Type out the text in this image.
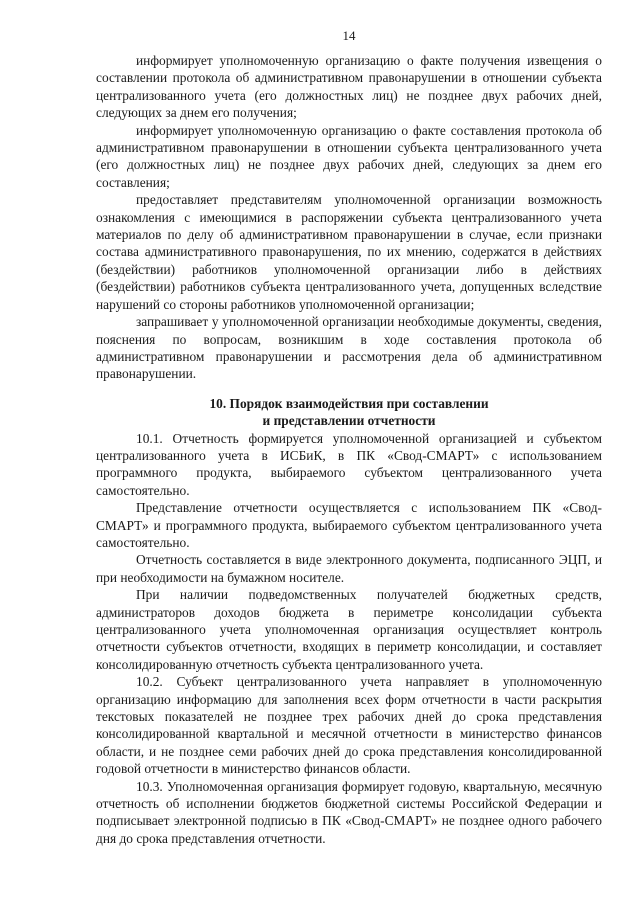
14

информирует уполномоченную организацию о факте получения извещения о составлении протокола об административном правонарушении в отношении субъекта централизованного учета (его должностных лиц) не позднее двух рабочих дней, следующих за днем его получения;

информирует уполномоченную организацию о факте составления протокола об административном правонарушении в отношении субъекта централизованного учета (его должностных лиц) не позднее двух рабочих дней, следующих за днем его составления;

предоставляет представителям уполномоченной организации возможность ознакомления с имеющимися в распоряжении субъекта централизованного учета материалов по делу об административном правонарушении в случае, если признаки состава административного правонарушения, по их мнению, содержатся в действиях (бездействии) работников уполномоченной организации либо в действиях (бездействии) работников субъекта централизованного учета, допущенных вследствие нарушений со стороны работников уполномоченной организации;

запрашивает у уполномоченной организации необходимые документы, сведения, пояснения по вопросам, возникшим в ходе составления протокола об административном правонарушении и рассмотрения дела об административном правонарушении.

10. Порядок взаимодействия при составлении
и представлении отчетности

10.1. Отчетность формируется уполномоченной организацией и субъектом централизованного учета в ИСБиК, в ПК «Свод-СМАРТ» с использованием программного продукта, выбираемого субъектом централизованного учета самостоятельно.

Представление отчетности осуществляется с использованием ПК «Свод-СМАРТ» и программного продукта, выбираемого субъектом централизованного учета самостоятельно.

Отчетность составляется в виде электронного документа, подписанного ЭЦП, и при необходимости на бумажном носителе.

При наличии подведомственных получателей бюджетных средств, администраторов доходов бюджета в периметре консолидации субъекта централизованного учета уполномоченная организация осуществляет контроль отчетности субъектов отчетности, входящих в периметр консолидации, и составляет консолидированную отчетность субъекта централизованного учета.

10.2. Субъект централизованного учета направляет в уполномоченную организацию информацию для заполнения всех форм отчетности в части раскрытия текстовых показателей не позднее трех рабочих дней до срока представления консолидированной квартальной и месячной отчетности в министерство финансов области, и не позднее семи рабочих дней до срока представления консолидированной годовой отчетности в министерство финансов области.

10.3. Уполномоченная организация формирует годовую, квартальную, месячную отчетность об исполнении бюджетов бюджетной системы Российской Федерации и подписывает электронной подписью в ПК «Свод-СМАРТ» не позднее одного рабочего дня до срока представления отчетности.
